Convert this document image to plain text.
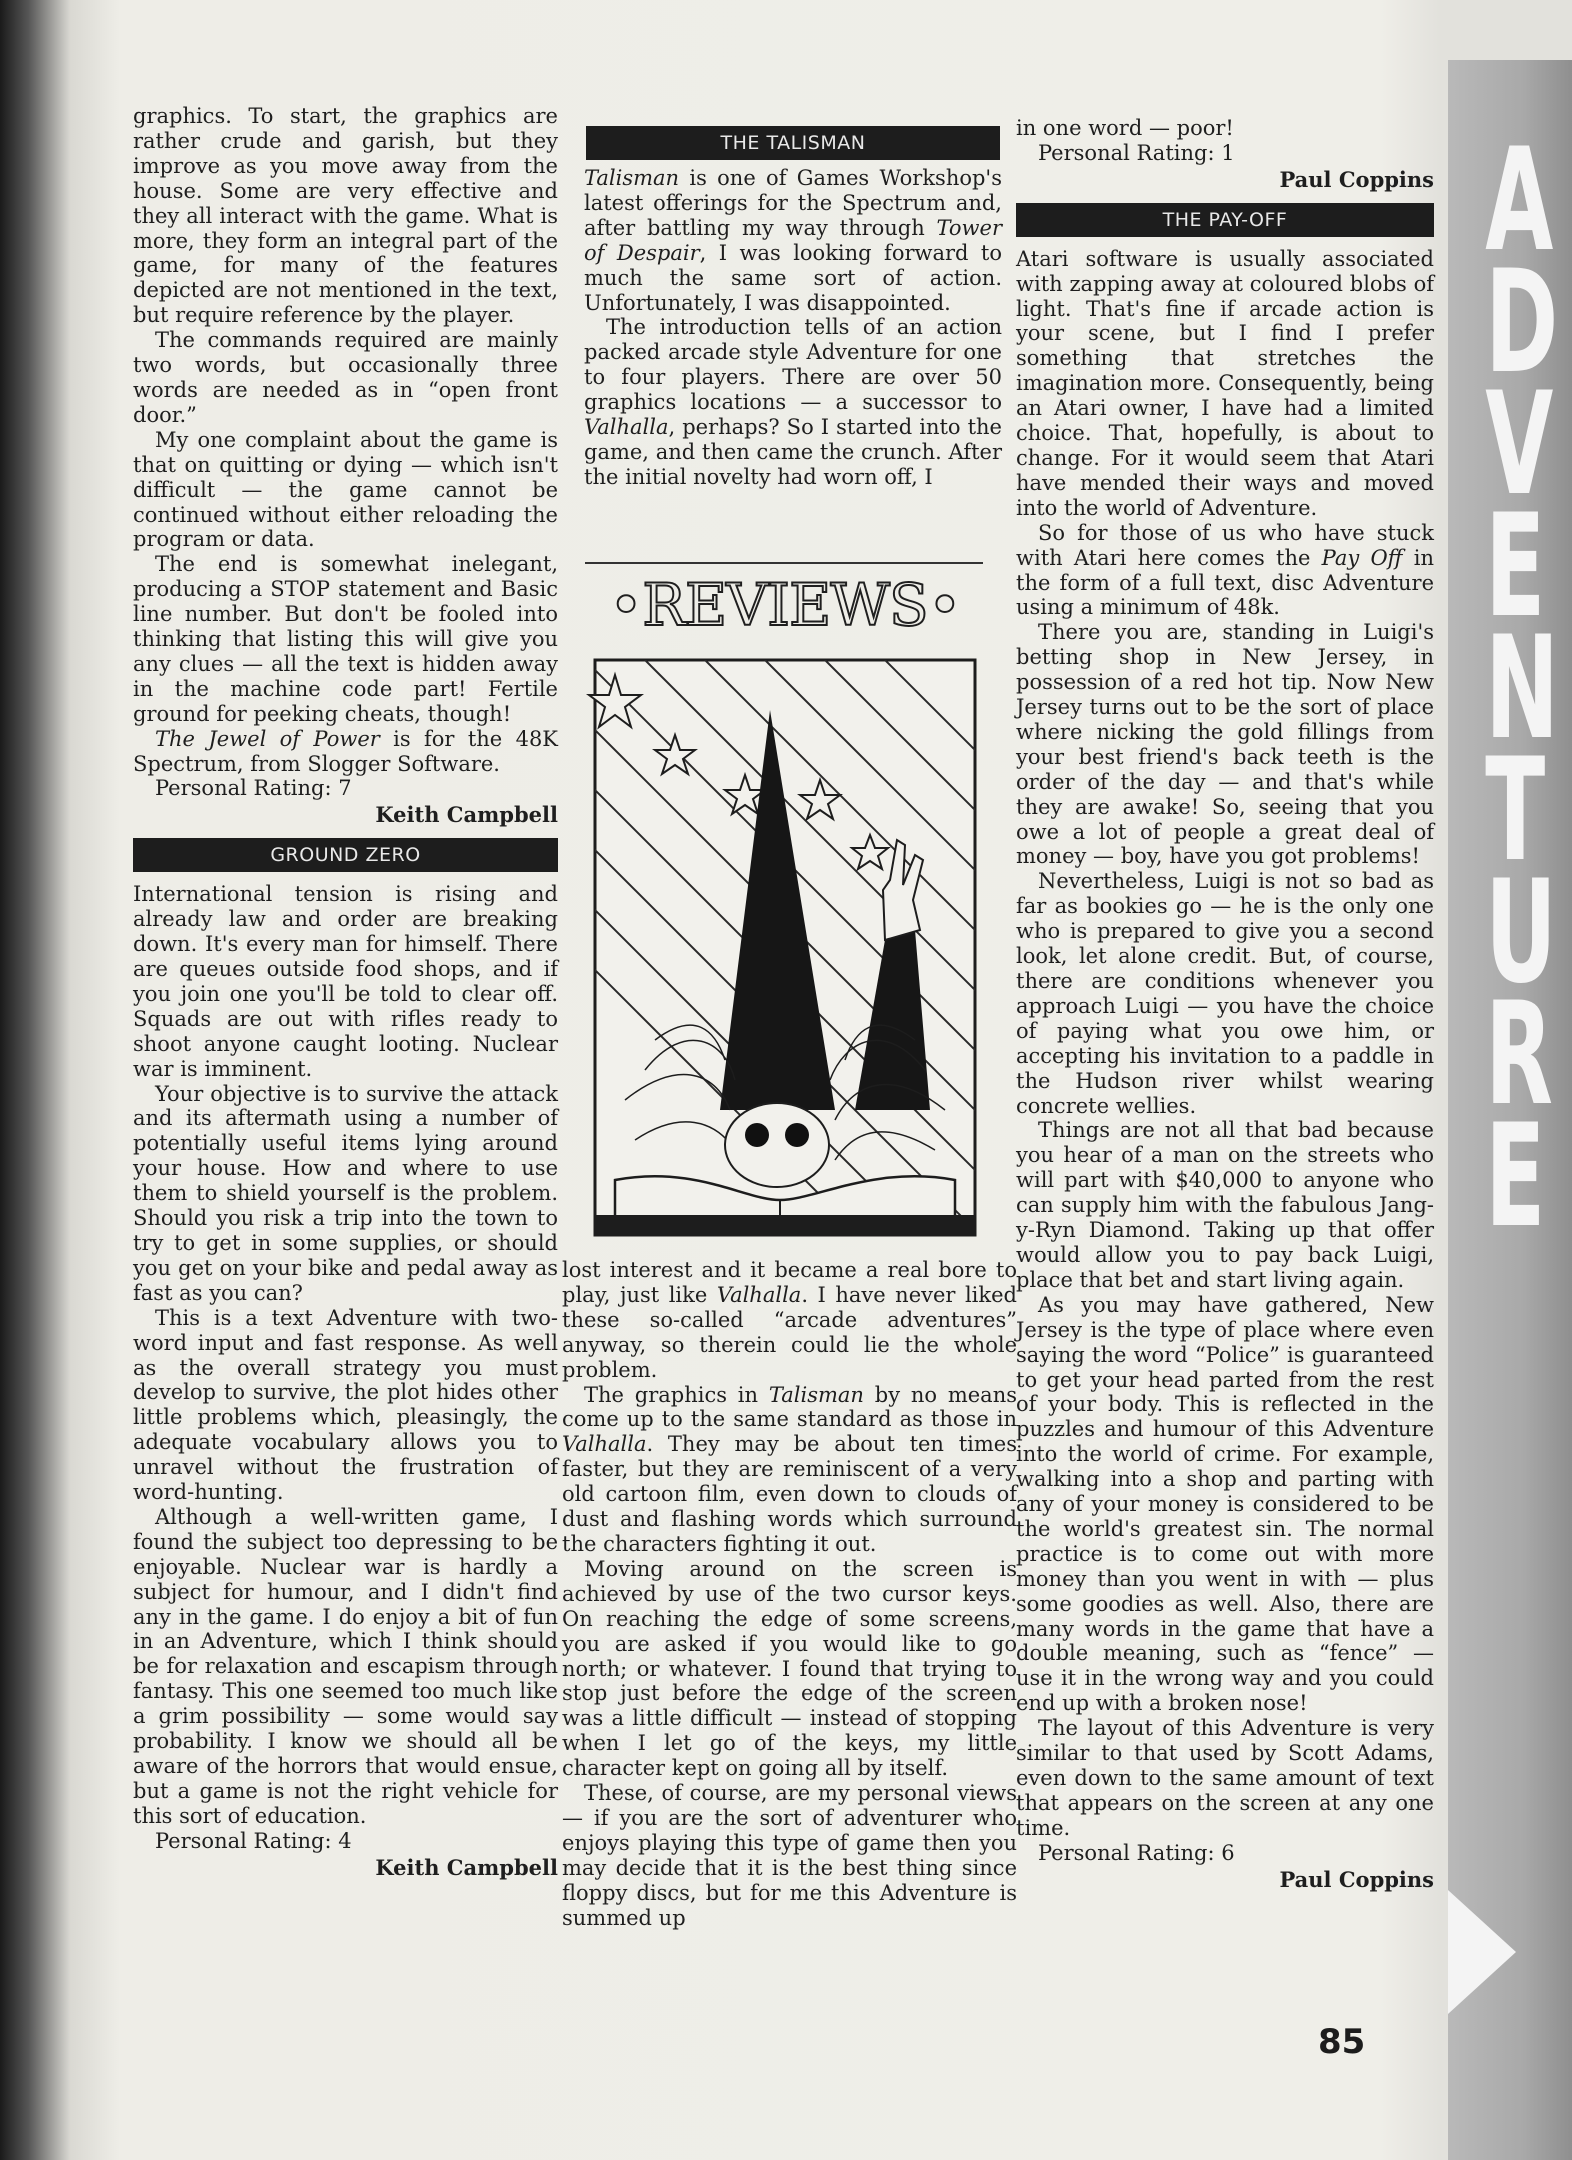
A
D
V
E
N
T
U
R
E
85

graphics. To start, the graphics are rather crude and garish, but they improve as you move away from the house. Some are very effective and they all interact with the game. What is more, they form an integral part of the game, for many of the features depicted are not mentioned in the text, but require reference by the player.

The commands required are mainly two words, but occasionally three words are needed as in “open front door.”

My one complaint about the game is that on quitting or dying — which isn't difficult — the game cannot be continued without either reloading the program or data.

The end is somewhat inelegant, producing a STOP statement and Basic line number. But don't be fooled into thinking that listing this will give you any clues — all the text is hidden away in the machine code part! Fertile ground for peeking cheats, though!

The Jewel of Power is for the 48K Spectrum, from Slogger Software.

Personal Rating: 7

Keith Campbell

GROUND ZERO

International tension is rising and already law and order are breaking down. It's every man for himself. There are queues outside food shops, and if you join one you'll be told to clear off. Squads are out with rifles ready to shoot anyone caught looting. Nuclear war is imminent.

Your objective is to survive the attack and its aftermath using a number of potentially useful items lying around your house. How and where to use them to shield yourself is the problem. Should you risk a trip into the town to try to get in some supplies, or should you get on your bike and pedal away as fast as you can?

This is a text Adventure with two-word input and fast response. As well as the overall strategy you must develop to survive, the plot hides other little problems which, pleasingly, the adequate vocabulary allows you to unravel without the frustration of word-hunting.

Although a well-written game, I found the subject too depressing to be enjoyable. Nuclear war is hardly a subject for humour, and I didn't find any in the game. I do enjoy a bit of fun in an Adventure, which I think should be for relaxation and escapism through fantasy. This one seemed too much like a grim possibility — some would say probability. I know we should all be aware of the horrors that would ensue, but a game is not the right vehicle for this sort of education.

Personal Rating: 4

Keith Campbell

THE TALISMAN

Talisman is one of Games Workshop's latest offerings for the Spectrum and, after battling my way through Tower of Despair, I was looking forward to much the same sort of action. Unfortunately, I was disappointed.

The introduction tells of an action packed arcade style Adventure for one to four players. There are over 50 graphics locations — a successor to Valhalla, perhaps? So I started into the game, and then came the crunch. After the initial novelty had worn off, I

•REVIEWS•

lost interest and it became a real bore to play, just like Valhalla. I have never liked these so-called “arcade adventures” anyway, so therein could lie the whole problem.

The graphics in Talisman by no means come up to the same standard as those in Valhalla. They may be about ten times faster, but they are reminiscent of a very old cartoon film, even down to clouds of dust and flashing words which surround the characters fighting it out.

Moving around on the screen is achieved by use of the two cursor keys. On reaching the edge of some screens, you are asked if you would like to go north; or whatever. I found that trying to stop just before the edge of the screen was a little difficult — instead of stopping when I let go of the keys, my little character kept on going all by itself.

These, of course, are my personal views — if you are the sort of adventurer who enjoys playing this type of game then you may decide that it is the best thing since floppy discs, but for me this Adventure is summed up

in one word — poor!

Personal Rating: 1

Paul Coppins

THE PAY-OFF

Atari software is usually associated with zapping away at coloured blobs of light. That's fine if arcade action is your scene, but I find I prefer something that stretches the imagination more. Consequently, being an Atari owner, I have had a limited choice. That, hopefully, is about to change. For it would seem that Atari have mended their ways and moved into the world of Adventure.

So for those of us who have stuck with Atari here comes the Pay Off in the form of a full text, disc Adventure using a minimum of 48k.

There you are, standing in Luigi's betting shop in New Jersey, in possession of a red hot tip. Now New Jersey turns out to be the sort of place where nicking the gold fillings from your best friend's back teeth is the order of the day — and that's while they are awake! So, seeing that you owe a lot of people a great deal of money — boy, have you got problems!

Nevertheless, Luigi is not so bad as far as bookies go — he is the only one who is prepared to give you a second look, let alone credit. But, of course, there are conditions whenever you approach Luigi — you have the choice of paying what you owe him, or accepting his invitation to a paddle in the Hudson river whilst wearing concrete wellies.

Things are not all that bad because you hear of a man on the streets who will part with $40,000 to anyone who can supply him with the fabulous Jang-y-Ryn Diamond. Taking up that offer would allow you to pay back Luigi, place that bet and start living again.

As you may have gathered, New Jersey is the type of place where even saying the word “Police” is guaranteed to get your head parted from the rest of your body. This is reflected in the puzzles and humour of this Adventure into the world of crime. For example, walking into a shop and parting with any of your money is considered to be the world's greatest sin. The normal practice is to come out with more money than you went in with — plus some goodies as well. Also, there are many words in the game that have a double meaning, such as “fence” — use it in the wrong way and you could end up with a broken nose!

The layout of this Adventure is very similar to that used by Scott Adams, even down to the same amount of text that appears on the screen at any one time.

Personal Rating: 6

Paul Coppins
